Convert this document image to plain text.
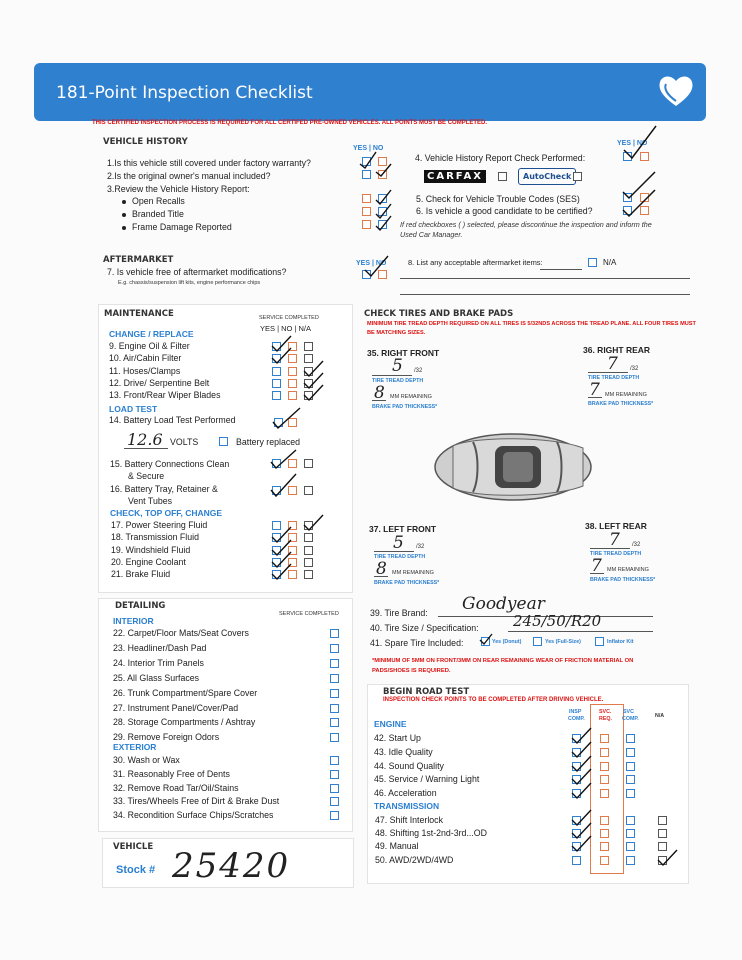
181-Point Inspection Checklist
THIS CERTIFIED INSPECTION PROCESS IS REQUIRED FOR ALL CERTIFED PRE-OWNED VEHICLES. ALL POINTS MUST BE COMPLETED.
VEHICLE HISTORY
YES | NO
YES | NO
1.Is this vehicle still covered under factory warranty?
2.Is the original owner's manual included?
3.Review the Vehicle History Report:
Open Recalls
Branded Title
Frame Damage Reported
4. Vehicle History Report Check Performed:
CARFAX	AutoCheck
5. Check for Vehicle Trouble Codes (SES)
6. Is vehicle a good candidate to be certified?
If red checkboxes ( ) selected, please discontinue the inspection and inform the Used Car Manager.
AFTERMARKET
7. Is vehicle free of aftermarket modifications?
E.g. chassis/suspension lift kits, engine performance chips
YES | NO	8. List any acceptable aftermarket items:	N/A
MAINTENANCE	SERVICE COMPLETED
YES | NO | N/A
CHANGE / REPLACE
9. Engine Oil & Filter
10. Air/Cabin Filter
11. Hoses/Clamps
12. Drive/ Serpentine Belt
13. Front/Rear Wiper Blades
LOAD TEST
14. Battery Load Test Performed
12.6 VOLTS	Battery replaced
15. Battery Connections Clean
& Secure
16. Battery Tray, Retainer &
Vent Tubes
CHECK, TOP OFF, CHANGE
17. Power Steering Fluid
18. Transmission Fluid
19. Windshield Fluid
20. Engine Coolant
21. Brake Fluid
CHECK TIRES AND BRAKE PADS
MINIMUM TIRE TREAD DEPTH REQUIRED ON ALL TIRES IS 5/32NDS ACROSS THE TREAD PLANE. ALL FOUR TIRES MUST BE MATCHING SIZES.
35. RIGHT FRONT
5 /32
TIRE TREAD DEPTH
8 MM REMAINING
BRAKE PAD THICKNESS*
36. RIGHT REAR
7 /32
TIRE TREAD DEPTH
7 MM REMAINING
BRAKE PAD THICKNESS*
37. LEFT FRONT
5 /32
TIRE TREAD DEPTH
8 MM REMAINING
BRAKE PAD THICKNESS*
38. LEFT REAR
7 /32
TIRE TREAD DEPTH
7 MM REMAINING
BRAKE PAD THICKNESS*
39. Tire Brand: Goodyear
40. Tire Size / Specification: 245/50/R20
41. Spare Tire Included:	Yes (Donut)	Yes (Full-Size)	Inflator Kit
*MINIMUM OF 5MM ON FRONT/3MM ON REAR REMAINING WEAR OF FRICTION MATERIAL ON PADS/SHOES IS REQUIRED.
DETAILING
SERVICE COMPLETED
INTERIOR
22. Carpet/Floor Mats/Seat Covers
23. Headliner/Dash Pad
24. Interior Trim Panels
25. All Glass Surfaces
26. Trunk Compartment/Spare Cover
27. Instrument Panel/Cover/Pad
28. Storage Compartments / Ashtray
29. Remove Foreign Odors
EXTERIOR
30. Wash or Wax
31. Reasonably Free of Dents
32. Remove Road Tar/Oil/Stains
33. Tires/Wheels Free of Dirt & Brake Dust
34. Recondition Surface Chips/Scratches
BEGIN ROAD TEST
INSPECTION CHECK POINTS TO BE COMPLETED AFTER DRIVING VEHICLE.
INSP
COMP.
SVC.
REQ.
SVC
COMP.	N/A
ENGINE
42. Start Up
43. Idle Quality
44. Sound Quality
45. Service / Warning Light
46. Acceleration
TRANSMISSION
47. Shift Interlock
48. Shifting 1st-2nd-3rd...OD
49. Manual
50. AWD/2WD/4WD
VEHICLE
Stock # 25420
